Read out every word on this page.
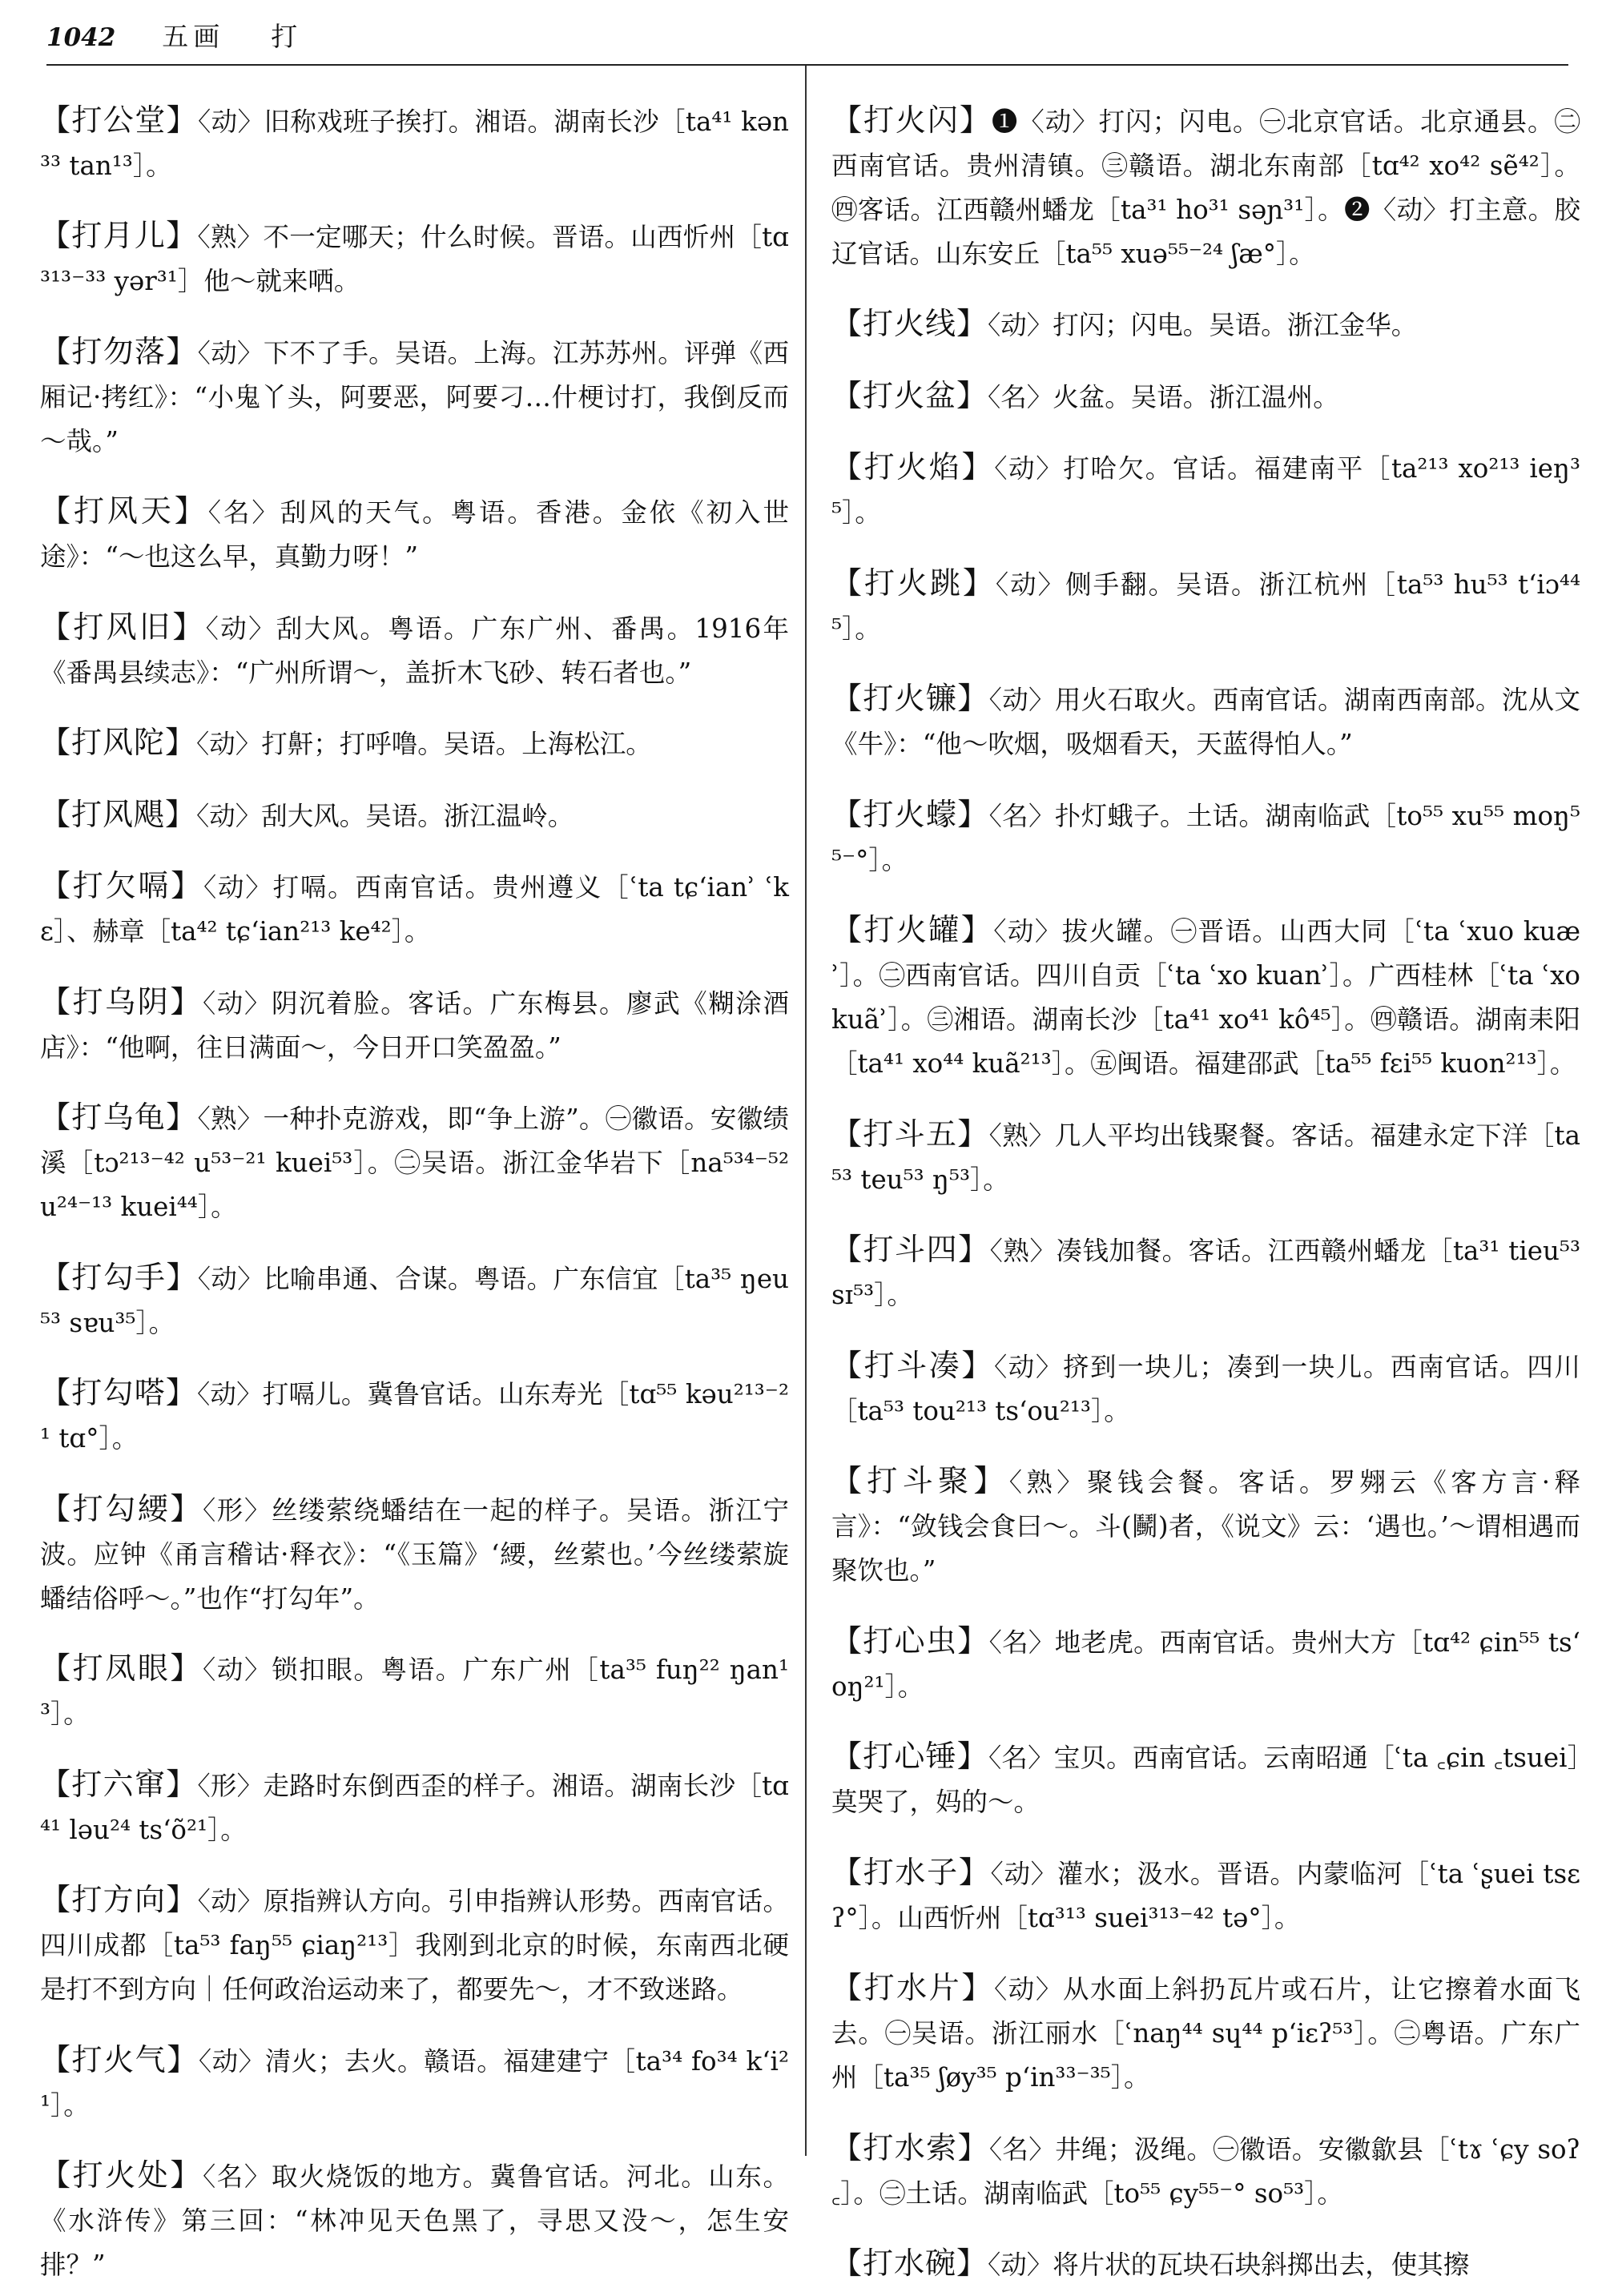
1042 五画 打

【打公堂】〈动〉旧称戏班子挨打。湘语。湖南长沙［ta⁴¹ kən³³ tan¹³］。

【打月儿】〈熟〉不一定哪天；什么时候。晋语。山西忻州［tɑ³¹³⁻³³ yər³¹］他～就来哂。

【打勿落】〈动〉下不了手。吴语。上海。江苏苏州。评弹《西厢记·拷红》：“小鬼丫头，阿要恶，阿要刁…什梗讨打，我倒反而～哉。”

【打风天】〈名〉刮风的天气。粤语。香港。金依《初入世途》：“～也这么早，真勤力呀！”

【打风旧】〈动〉刮大风。粤语。广东广州、番禺。1916年《番禺县续志》：“广州所谓～，盖折木飞砂、转石者也。”

【打风陀】〈动〉打鼾；打呼噜。吴语。上海松江。

【打风飓】〈动〉刮大风。吴语。浙江温岭。

【打欠嗝】〈动〉打嗝。西南官话。贵州遵义［ʿta tɕʻianʾ ʿkɛ］、赫章［ta⁴² tɕʻian²¹³ ke⁴²］。

【打乌阴】〈动〉阴沉着脸。客话。广东梅县。廖武《糊涂酒店》：“他啊，往日满面～，今日开口笑盈盈。”

【打乌龟】〈熟〉一种扑克游戏，即“争上游”。㊀徽语。安徽绩溪［tɔ²¹³⁻⁴² u⁵³⁻²¹ kuei⁵³］。㊁吴语。浙江金华岩下［na⁵³⁴⁻⁵² u²⁴⁻¹³ kuei⁴⁴］。

【打勾手】〈动〉比喻串通、合谋。粤语。广东信宜［ta³⁵ ŋeu⁵³ sɐu³⁵］。

【打勾嗒】〈动〉打嗝儿。冀鲁官话。山东寿光［tɑ⁵⁵ kəu²¹³⁻²¹ tɑ°］。

【打勾䌁】〈形〉丝缕萦绕蟠结在一起的样子。吴语。浙江宁波。应钟《甬言稽诂·释衣》：“《玉篇》‘䌁，丝萦也。’今丝缕萦旋蟠结俗呼～。”也作“打勾年”。

【打凤眼】〈动〉锁扣眼。粤语。广东广州［ta³⁵ fuŋ²² ŋan¹³］。

【打六窜】〈形〉走路时东倒西歪的样子。湘语。湖南长沙［tɑ⁴¹ ləu²⁴ tsʻõ²¹］。

【打方向】〈动〉原指辨认方向。引申指辨认形势。西南官话。四川成都［ta⁵³ faŋ⁵⁵ ɕiaŋ²¹³］我刚到北京的时候，东南西北硬是打不到方向｜任何政治运动来了，都要先～，才不致迷路。

【打火气】〈动〉清火；去火。赣语。福建建宁［ta³⁴ fo³⁴ kʻi²¹］。

【打火处】〈名〉取火烧饭的地方。冀鲁官话。河北。山东。《水浒传》第三回：“林冲见天色黑了，寻思又没～，怎生安排？”

【打火闪】❶〈动〉打闪；闪电。㊀北京官话。北京通县。㊁西南官话。贵州清镇。㊂赣语。湖北东南部［tɑ⁴² xo⁴² sẽ⁴²］。㊃客话。江西赣州蟠龙［ta³¹ ho³¹ səɲ³¹］。❷〈动〉打主意。胶辽官话。山东安丘［ta⁵⁵ xuə⁵⁵⁻²⁴ ʃæ°］。

【打火线】〈动〉打闪；闪电。吴语。浙江金华。

【打火盆】〈名〉火盆。吴语。浙江温州。

【打火焰】〈动〉打哈欠。官话。福建南平［ta²¹³ xo²¹³ ieŋ³⁵］。

【打火跳】〈动〉侧手翻。吴语。浙江杭州［ta⁵³ hu⁵³ tʻiɔ⁴⁴⁵］。

【打火镰】〈动〉用火石取火。西南官话。湖南西南部。沈从文《牛》：“他～吹烟，吸烟看天，天蓝得怕人。”

【打火蠓】〈名〉扑灯蛾子。土话。湖南临武［to⁵⁵ xu⁵⁵ moŋ⁵⁵⁻°］。

【打火罐】〈动〉拔火罐。㊀晋语。山西大同［ʿta ʿxuo kuæʾ］。㊁西南官话。四川自贡［ʿta ʿxo kuanʾ］。广西桂林［ʿta ʿxo kuãʾ］。㊂湘语。湖南长沙［ta⁴¹ xo⁴¹ kô⁴⁵］。㊃赣语。湖南耒阳［ta⁴¹ xo⁴⁴ kuã²¹³］。㊄闽语。福建邵武［ta⁵⁵ fɛi⁵⁵ kuon²¹³］。

【打斗五】〈熟〉几人平均出钱聚餐。客话。福建永定下洋［ta⁵³ teu⁵³ ŋ⁵³］。

【打斗四】〈熟〉凑钱加餐。客话。江西赣州蟠龙［ta³¹ tieu⁵³ sɪ⁵³］。

【打斗凑】〈动〉挤到一块儿；凑到一块儿。西南官话。四川［ta⁵³ tou²¹³ tsʻou²¹³］。

【打斗聚】〈熟〉聚钱会餐。客话。罗翙云《客方言·释言》：“敛钱会食曰～。斗(鬭)者，《说文》云：‘遇也。’～谓相遇而聚饮也。”

【打心虫】〈名〉地老虎。西南官话。贵州大方［tɑ⁴² ɕin⁵⁵ tsʻoŋ²¹］。

【打心锤】〈名〉宝贝。西南官话。云南昭通［ʿta ꜀ɕin ꜀tsuei］莫哭了，妈的～。

【打水子】〈动〉灌水；汲水。晋语。内蒙临河［ʿta ʿʂuei tsɛʔ°］。山西忻州［tɑ³¹³ suei³¹³⁻⁴² tə°］。

【打水片】〈动〉从水面上斜扔瓦片或石片，让它擦着水面飞去。㊀吴语。浙江丽水［ʿnaŋ⁴⁴ sɥ⁴⁴ pʻiɛʔ⁵³］。㊁粤语。广东广州［ta³⁵ ʃøy³⁵ pʻin³³⁻³⁵］。

【打水索】〈名〉井绳；汲绳。㊀徽语。安徽歙县［ʿtɤ ʿɕy soʔ꜀］。㊁土话。湖南临武［to⁵⁵ ɕy⁵⁵⁻° so⁵³］。

【打水碗】〈动〉将片状的瓦块石块斜掷出去，使其擦
